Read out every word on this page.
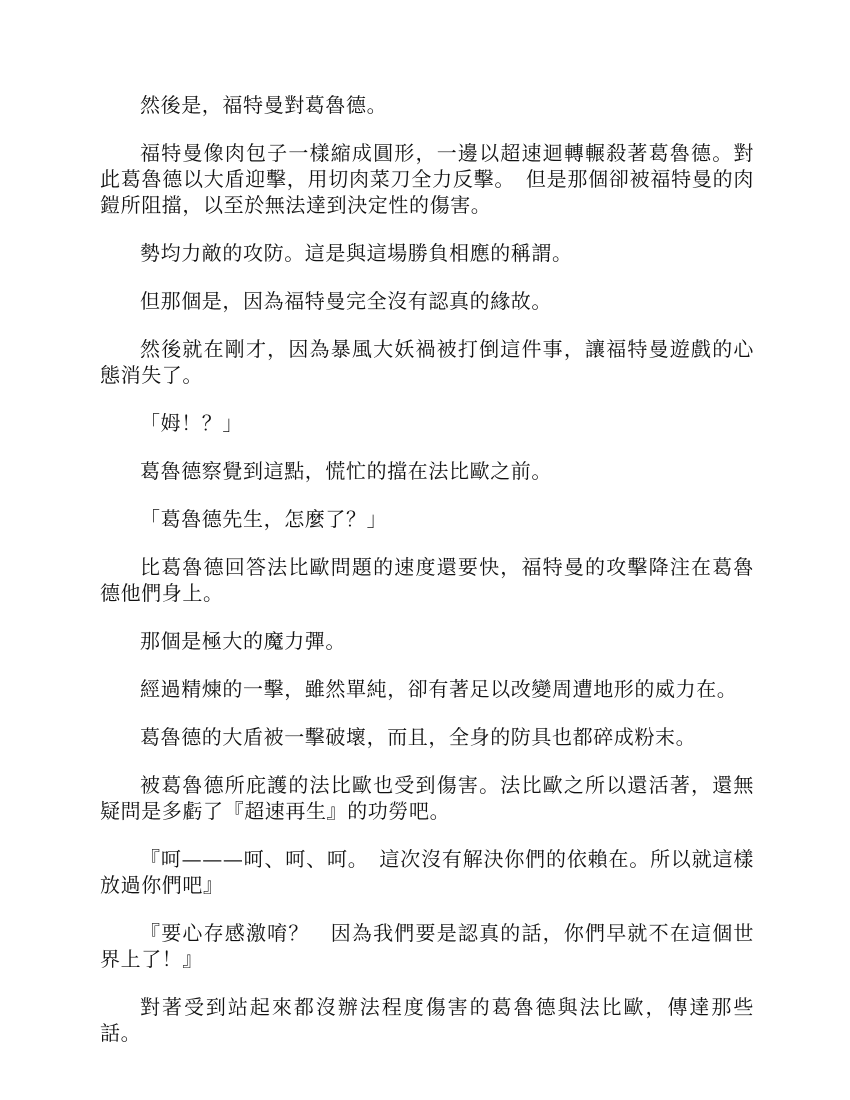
然後是，福特曼對葛魯德。

福特曼像肉包子一樣縮成圓形，一邊以超速迴轉輾殺著葛魯德。對此葛魯德以大盾迎擊，用切肉菜刀全力反擊。　但是那個卻被福特曼的肉鎧所阻擋，以至於無法達到決定性的傷害。

勢均力敵的攻防。這是與這場勝負相應的稱謂。

但那個是，因為福特曼完全沒有認真的緣故。

然後就在剛才，因為暴風大妖禍被打倒這件事，讓福特曼遊戲的心態消失了。

「姆！？」

葛魯德察覺到這點，慌忙的擋在法比歐之前。

「葛魯德先生，怎麼了？」

比葛魯德回答法比歐問題的速度還要快，福特曼的攻擊降注在葛魯德他們身上。

那個是極大的魔力彈。

經過精煉的一擊，雖然單純，卻有著足以改變周遭地形的威力在。

葛魯德的大盾被一擊破壞，而且，全身的防具也都碎成粉末。

被葛魯德所庇護的法比歐也受到傷害。法比歐之所以還活著，還無疑問是多虧了『超速再生』的功勞吧。

『呵———呵、呵、呵。　這次沒有解決你們的依賴在。所以就這樣放過你們吧』

『要心存感激唷？　因為我們要是認真的話，你們早就不在這個世界上了！』

對著受到站起來都沒辦法程度傷害的葛魯德與法比歐，傳達那些話。
